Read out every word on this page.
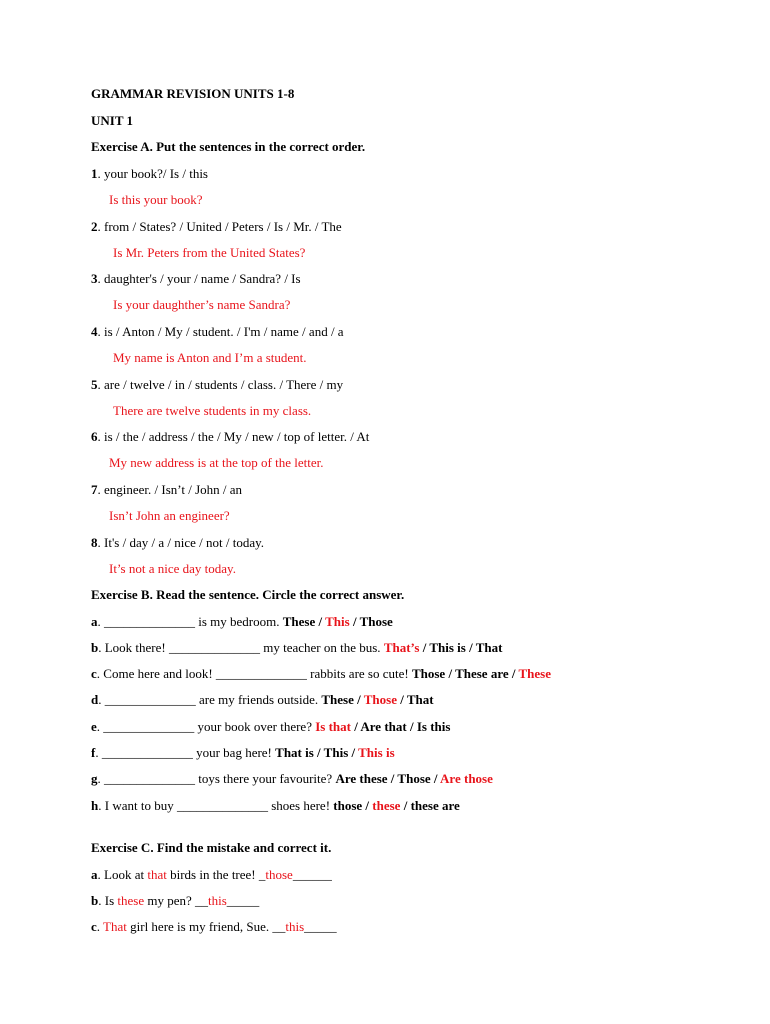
GRAMMAR REVISION UNITS 1-8
UNIT 1
Exercise A. Put the sentences in the correct order.
1. your book?/ Is / this
Is this your book?
2. from / States? / United / Peters / Is / Mr. / The
Is Mr. Peters from the United States?
3. daughter's / your / name / Sandra? / Is
Is your daughther’s name Sandra?
4. is / Anton / My / student. / I'm / name / and / a
My name is Anton and I’m a student.
5. are / twelve / in / students / class. / There / my
There are twelve students in my class.
6. is / the / address / the / My / new / top of letter. / At
My new address is at the top of the letter.
7. engineer. / Isn’t / John / an
Isn’t John an engineer?
8. It's / day / a / nice / not / today.
It’s not a nice day today.
Exercise B. Read the sentence. Circle the correct answer.
a. ______________ is my bedroom. These / This / Those
b. Look there! ______________ my teacher on the bus. That’s / This is / That
c. Come here and look! ______________ rabbits are so cute! Those / These are / These
d. ______________ are my friends outside. These / Those / That
e. ______________ your book over there? Is that / Are that / Is this
f. ______________ your bag here! That is / This / This is
g. ______________ toys there your favourite? Are these / Those / Are those
h. I want to buy ______________ shoes here! those / these / these are
Exercise C. Find the mistake and correct it.
a. Look at that birds in the tree! _those______
b. Is these my pen? __this_____
c. That girl here is my friend, Sue. __this_____
